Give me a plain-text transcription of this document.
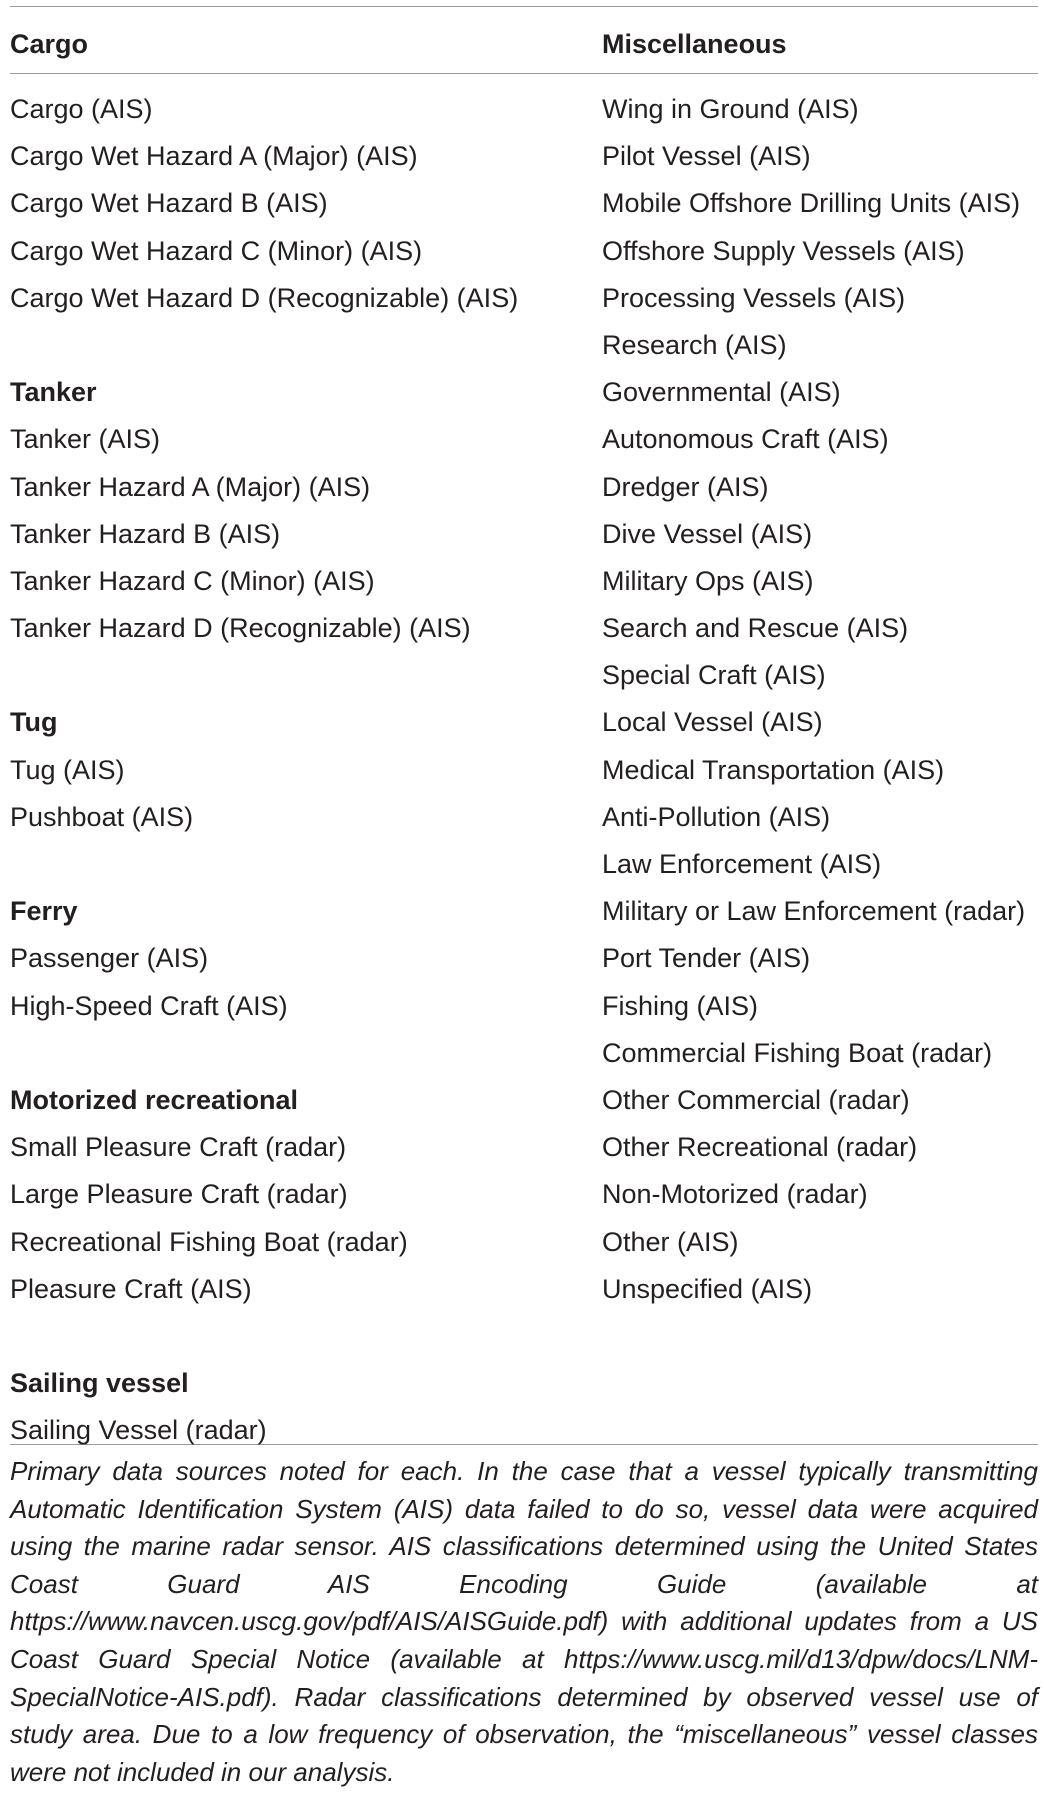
Cargo	Miscellaneous
Cargo (AIS)
Cargo Wet Hazard A (Major) (AIS)
Cargo Wet Hazard B (AIS)
Cargo Wet Hazard C (Minor) (AIS)
Cargo Wet Hazard D (Recognizable) (AIS)
Tanker
Tanker (AIS)
Tanker Hazard A (Major) (AIS)
Tanker Hazard B (AIS)
Tanker Hazard C (Minor) (AIS)
Tanker Hazard D (Recognizable) (AIS)
Tug
Tug (AIS)
Pushboat (AIS)
Ferry
Passenger (AIS)
High-Speed Craft (AIS)
Motorized recreational
Small Pleasure Craft (radar)
Large Pleasure Craft (radar)
Recreational Fishing Boat (radar)
Pleasure Craft (AIS)
Sailing vessel
Sailing Vessel (radar)
Wing in Ground (AIS)
Pilot Vessel (AIS)
Mobile Offshore Drilling Units (AIS)
Offshore Supply Vessels (AIS)
Processing Vessels (AIS)
Research (AIS)
Governmental (AIS)
Autonomous Craft (AIS)
Dredger (AIS)
Dive Vessel (AIS)
Military Ops (AIS)
Search and Rescue (AIS)
Special Craft (AIS)
Local Vessel (AIS)
Medical Transportation (AIS)
Anti-Pollution (AIS)
Law Enforcement (AIS)
Military or Law Enforcement (radar)
Port Tender (AIS)
Fishing (AIS)
Commercial Fishing Boat (radar)
Other Commercial (radar)
Other Recreational (radar)
Non-Motorized (radar)
Other (AIS)
Unspecified (AIS)
Primary data sources noted for each. In the case that a vessel typically transmitting Automatic Identification System (AIS) data failed to do so, vessel data were acquired using the marine radar sensor. AIS classifications determined using the United States Coast Guard AIS Encoding Guide (available at https://www.navcen.uscg.gov/pdf/AIS/AISGuide.pdf) with additional updates from a US Coast Guard Special Notice (available at https://www.uscg.mil/d13/dpw/docs/LNM-SpecialNotice-AIS.pdf). Radar classifications determined by observed vessel use of study area. Due to a low frequency of observation, the “miscellaneous” vessel classes were not included in our analysis.
